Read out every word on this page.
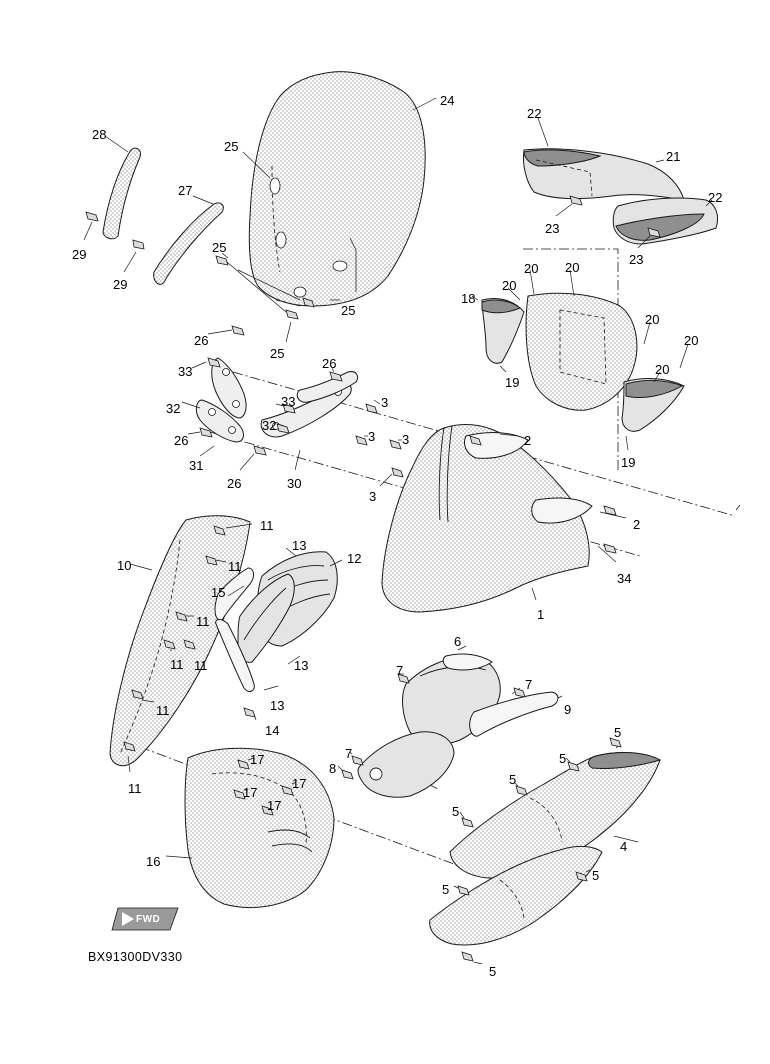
FWD
BX91300DV330
28
29
29
27
25
25
25
25
24
22
21
22
23
23
18
20 20
20
20
20
20
19
19
26
33
32
26
31
26
26
33
32
30
3
3 3
3
2
2
34
1
10
11
11
11
11 11
11
11
13
12
15
13
13
14
17
17
17
17
16
6
7
7
9
7
8
5
5
5
5
4
5
5
5
